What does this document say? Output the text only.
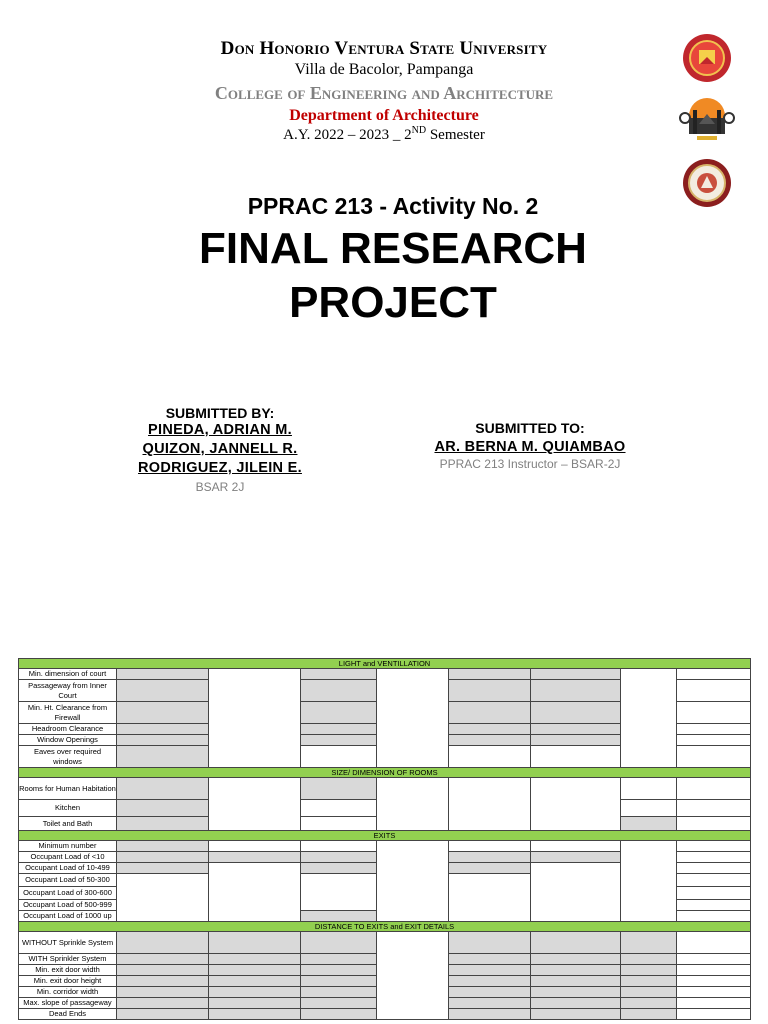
Don Honorio Ventura State University
Villa de Bacolor, Pampanga
College of Engineering and Architecture
Department of Architecture
A.Y. 2022 – 2023 _ 2ND Semester
PPRAC 213 - Activity No. 2
FINAL RESEARCH
PROJECT
SUBMITTED BY:
PINEDA, ADRIAN M.
QUIZON, JANNELL R.
RODRIGUEZ, JILEIN E.
BSAR 2J
SUBMITTED TO:
AR. BERNA M. QUIAMBAO
PPRAC 213 Instructor – BSAR-2J
LIGHT and VENTILLATION								
Min. dimension of court								
Passageway from Inner Court								
Min. Ht. Clearance from Firewall								
Headroom Clearance								
Window Openings								
Eaves over required windows								
SIZE/ DIMENSION OF ROOMS								
Rooms for Human Habitation								
Kitchen								
Toilet and Bath								
EXITS								
Minimum number								
Occupant Load of <10								
Occupant Load of 10-499								
Occupant Load of 50-300								
Occupant Load of 300-600								
Occupant Load of 500-999								
Occupant Load of 1000 up								
DISTANCE TO EXITS and EXIT DETAILS								
WITHOUT Sprinkle System								
WITH Sprinkler System								
Min. exit door width								
Min. exit door height								
Min. corridor width								
Max. slope of passageway								
Dead Ends								
